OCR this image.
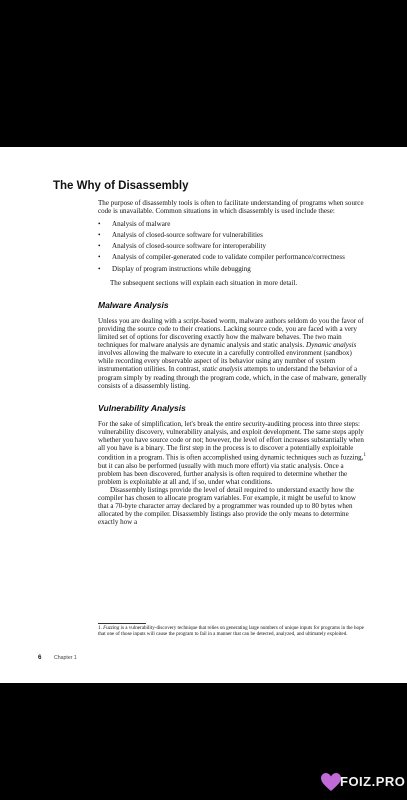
The Why of Disassembly

The purpose of disassembly tools is often to facilitate understanding of programs when source code is unavailable. Common situations in which disassembly is used include these:

• Analysis of malware
• Analysis of closed-source software for vulnerabilities
• Analysis of closed-source software for interoperability
• Analysis of compiler-generated code to validate compiler performance/correctness
• Display of program instructions while debugging

The subsequent sections will explain each situation in more detail.

Malware Analysis

Unless you are dealing with a script-based worm, malware authors seldom do you the favor of providing the source code to their creations. Lacking source code, you are faced with a very limited set of options for discovering exactly how the malware behaves. The two main techniques for malware analysis are dynamic analysis and static analysis. Dynamic analysis involves allowing the malware to execute in a carefully controlled environment (sandbox) while recording every observable aspect of its behavior using any number of system instrumentation utilities. In contrast, static analysis attempts to understand the behavior of a program simply by reading through the program code, which, in the case of malware, generally consists of a disassembly listing.

Vulnerability Analysis

For the sake of simplification, let's break the entire security-auditing process into three steps: vulnerability discovery, vulnerability analysis, and exploit development. The same steps apply whether you have source code or not; however, the level of effort increases substantially when all you have is a binary. The first step in the process is to discover a potentially exploitable condition in a program. This is often accomplished using dynamic techniques such as fuzzing,$^1$ but it can also be performed (usually with much more effort) via static analysis. Once a problem has been discovered, further analysis is often required to determine whether the problem is exploitable at all and, if so, under what conditions.

Disassembly listings provide the level of detail required to understand exactly how the compiler has chosen to allocate program variables. For example, it might be useful to know that a 70-byte character array declared by a programmer was rounded up to 80 bytes when allocated by the compiler. Disassembly listings also provide the only means to determine exactly how a

1. Fuzzing is a vulnerability-discovery technique that relies on generating large numbers of unique inputs for programs in the hope that one of those inputs will cause the program to fail in a manner that can be detected, analyzed, and ultimately exploited.
6 Chapter 1
FOIZ.PRO
